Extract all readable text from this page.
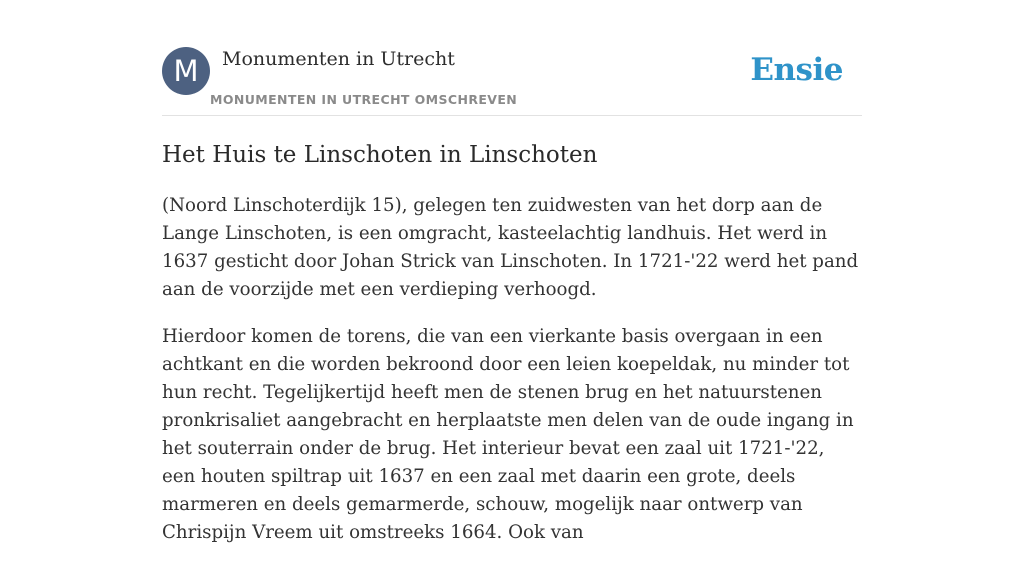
M	Monumenten in Utrecht
MONUMENTEN IN UTRECHT OMSCHREVEN
Ensie
Het Huis te Linschoten in Linschoten

(Noord Linschoterdijk 15), gelegen ten zuidwesten van het dorp aan de Lange Linschoten, is een omgracht, kasteelachtig landhuis. Het werd in 1637 gesticht door Johan Strick van Linschoten. In 1721-'22 werd het pand aan de voorzijde met een verdieping verhoogd.

Hierdoor komen de torens, die van een vierkante basis overgaan in een achtkant en die worden bekroond door een leien koepeldak, nu minder tot hun recht. Tegelijkertijd heeft men de stenen brug en het natuurstenen pronkrisaliet aangebracht en herplaatste men delen van de oude ingang in het souterrain onder de brug. Het interieur bevat een zaal uit 1721-'22, een houten spiltrap uit 1637 en een zaal met daarin een grote, deels marmeren en deels gemarmerde, schouw, mogelijk naar ontwerp van Chrispijn Vreem uit omstreeks 1664. Ook van
